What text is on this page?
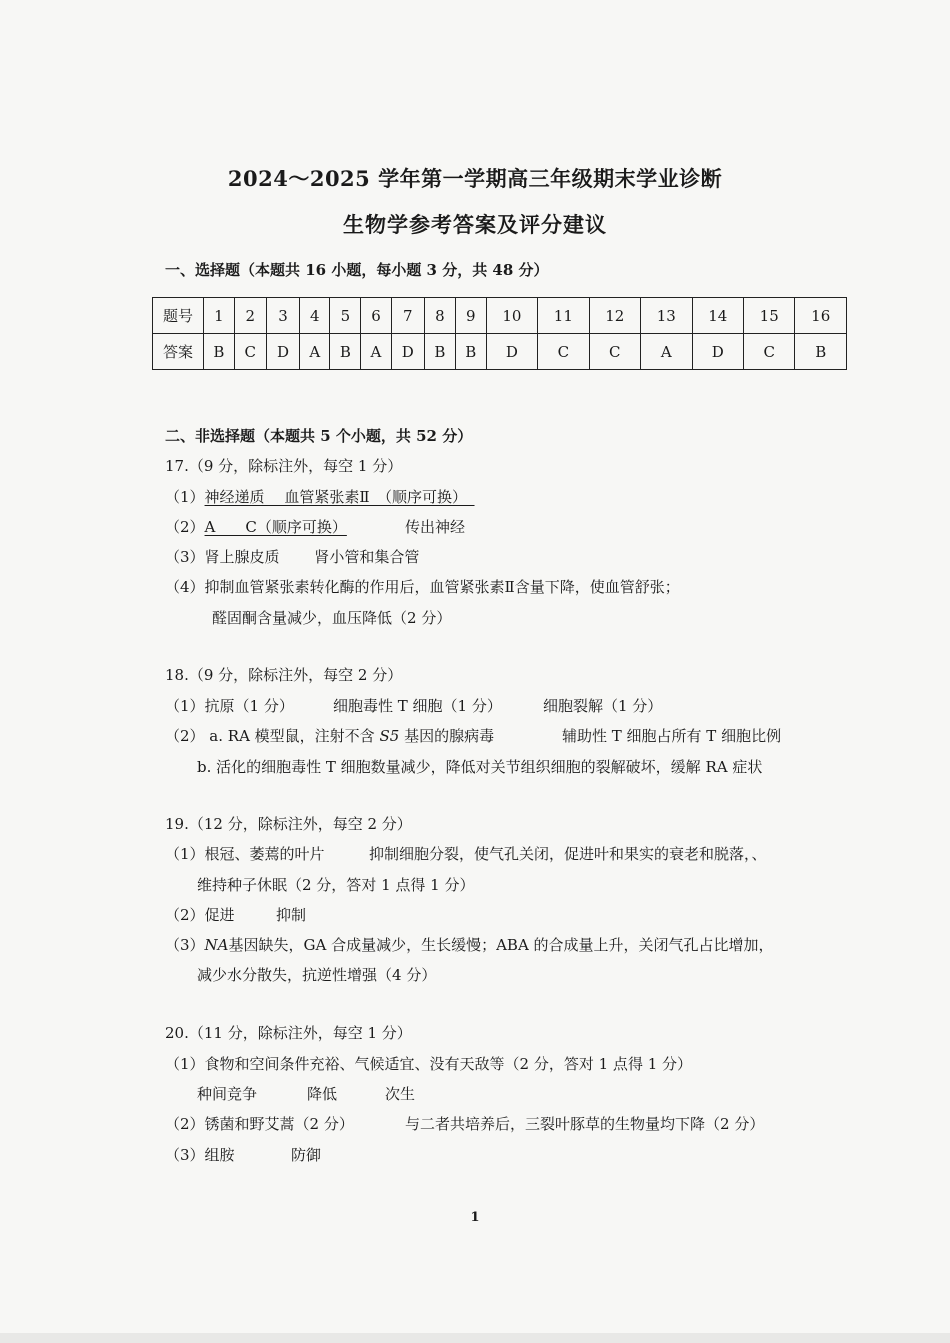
2024～2025 学年第一学期高三年级期末学业诊断
生物学参考答案及评分建议
一、选择题（本题共 16 小题，每小题 3 分，共 48 分）
题号	1	2	3	4	5	6	7	8	9	10	11	12	13	14	15	16
答案	B	C	D	A	B	A	D	B	B	D	C	C	A	D	C	B
二、非选择题（本题共 5 个小题，共 52 分）
17.（9 分，除标注外，每空 1 分）
（1）神经递质　 血管紧张素Ⅱ　（顺序可换）　
（2）A　　C（顺序可换）	传出神经
（3）肾上腺皮质　　 肾小管和集合管
（4）抑制血管紧张素转化酶的作用后，血管紧张素Ⅱ含量下降，使血管舒张；
醛固酮含量减少，血压降低（2 分）
18.（9 分，除标注外，每空 2 分）
（1）抗原（1 分）	细胞毒性 T 细胞（1 分）	细胞裂解（1 分）
（2） a. RA 模型鼠，注射不含 S5 基因的腺病毒	辅助性 T 细胞占所有 T 细胞比例
b. 活化的细胞毒性 T 细胞数量减少，降低对关节组织细胞的裂解破坏，缓解 RA 症状
19.（12 分，除标注外，每空 2 分）
（1）根冠、萎蔫的叶片	抑制细胞分裂，使气孔关闭，促进叶和果实的衰老和脱落，、
维持种子休眠（2 分，答对 1 点得 1 分）
（2）促进	抑制
（3）NA基因缺失，GA 合成量减少，生长缓慢；ABA 的合成量上升，关闭气孔占比增加，
减少水分散失，抗逆性增强（4 分）
20.（11 分，除标注外，每空 1 分）
（1）食物和空间条件充裕、气候适宜、没有天敌等（2 分，答对 1 点得 1 分）
种间竞争	降低	次生
（2）锈菌和野艾蒿（2 分）	与二者共培养后，三裂叶豚草的生物量均下降（2 分）
（3）组胺	防御
1
